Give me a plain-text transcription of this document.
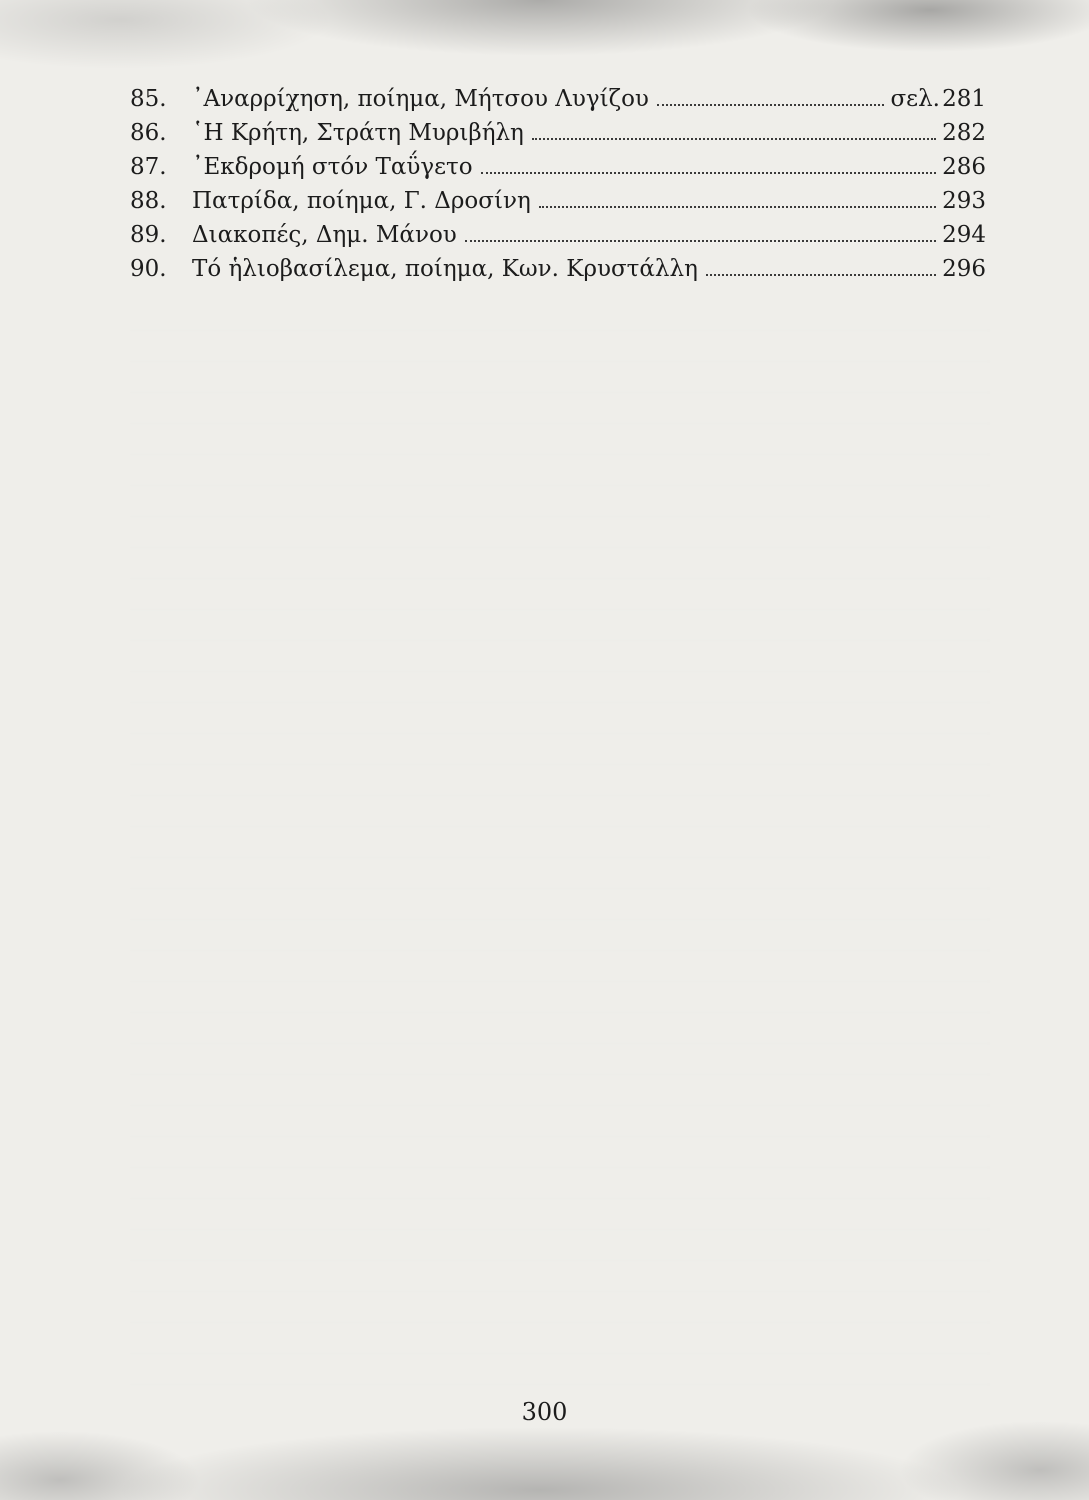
85.	᾽Αναρρίχηση, ποίημα, Μήτσου Λυγίζου	σελ. 281
86.	῾Η Κρήτη, Στράτη Μυριβήλη	282
87.	᾽Εκδρομή στόν Ταΰγετο	286
88.	Πατρίδα, ποίημα, Γ. Δροσίνη	293
89.	Διακοπές, Δημ. Μάνου	294
90.	Τό ἡλιοβασίλεμα, ποίημα, Κων. Κρυστάλλη	296
300
